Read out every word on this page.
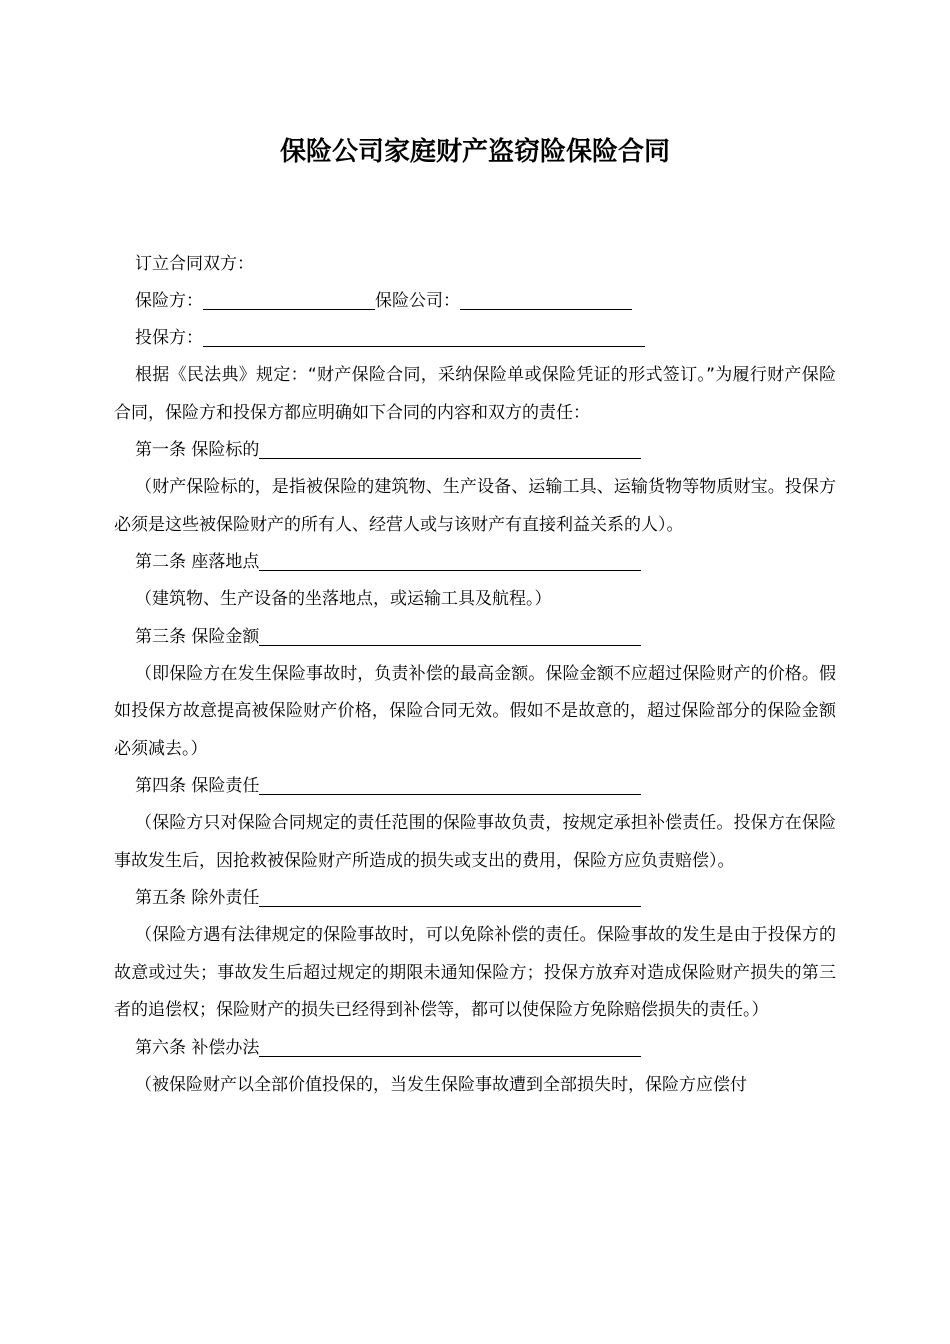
保险公司家庭财产盗窃险保险合同
订立合同双方：
保险方：	保险公司：
投保方：
根据《民法典》规定：“财产保险合同，采纳保险单或保险凭证的形式签订。”为履行财产保险合同，保险方和投保方都应明确如下合同的内容和双方的责任：
第一条 保险标的
（财产保险标的，是指被保险的建筑物、生产设备、运输工具、运输货物等物质财宝。投保方必须是这些被保险财产的所有人、经营人或与该财产有直接利益关系的人）。
第二条 座落地点
（建筑物、生产设备的坐落地点，或运输工具及航程。）
第三条 保险金额
（即保险方在发生保险事故时，负责补偿的最高金额。保险金额不应超过保险财产的价格。假如投保方故意提高被保险财产价格，保险合同无效。假如不是故意的，超过保险部分的保险金额必须减去。）
第四条 保险责任
（保险方只对保险合同规定的责任范围的保险事故负责，按规定承担补偿责任。投保方在保险事故发生后，因抢救被保险财产所造成的损失或支出的费用，保险方应负责赔偿）。
第五条 除外责任
（保险方遇有法律规定的保险事故时，可以免除补偿的责任。保险事故的发生是由于投保方的故意或过失；事故发生后超过规定的期限未通知保险方；投保方放弃对造成保险财产损失的第三者的追偿权；保险财产的损失已经得到补偿等，都可以使保险方免除赔偿损失的责任。）
第六条 补偿办法
（被保险财产以全部价值投保的，当发生保险事故遭到全部损失时，保险方应偿付
